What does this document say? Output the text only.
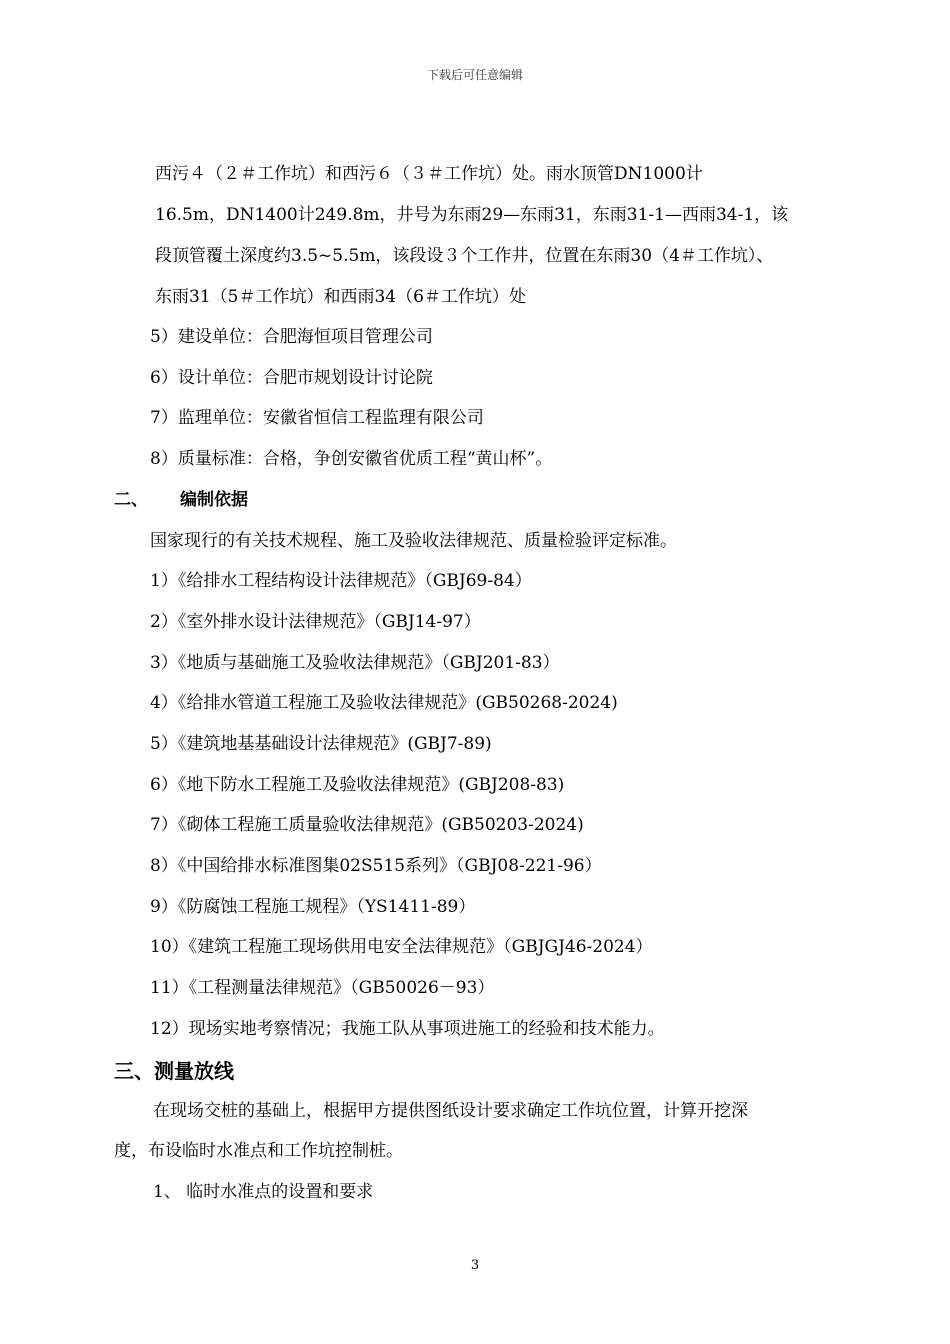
下载后可任意编辑
西污４（２＃工作坑）和西污６（３＃工作坑）处。雨水顶管DN1000计
16.5m，DN1400计249.8m，井号为东雨29—东雨31，东雨31-1—西雨34-1，该
段顶管覆土深度约3.5~5.5m，该段设３个工作井，位置在东雨30（4＃工作坑）、
东雨31（5＃工作坑）和西雨34（6＃工作坑）处
5）建设单位：合肥海恒项目管理公司
6）设计单位：合肥市规划设计讨论院
7）监理单位：安徽省恒信工程监理有限公司
8）质量标准：合格，争创安徽省优质工程“黄山杯”。
二、 编制依据
国家现行的有关技术规程、施工及验收法律规范、质量检验评定标准。
1）《给排水工程结构设计法律规范》（GBJ69-84）
2）《室外排水设计法律规范》（GBJ14-97）
3）《地质与基础施工及验收法律规范》（GBJ201-83）
4）《给排水管道工程施工及验收法律规范》(GB50268-2024)
5）《建筑地基基础设计法律规范》(GBJ7-89)
6）《地下防水工程施工及验收法律规范》(GBJ208-83)
7）《砌体工程施工质量验收法律规范》(GB50203-2024)
8）《中国给排水标准图集02S515系列》（GBJ08-221-96）
9）《防腐蚀工程施工规程》（YS1411-89）
10）《建筑工程施工现场供用电安全法律规范》（GBJGJ46-2024）
11）《工程测量法律规范》（GB50026－93）
12）现场实地考察情况；我施工队从事项进施工的经验和技术能力。
三、测量放线
在现场交桩的基础上，根据甲方提供图纸设计要求确定工作坑位置，计算开挖深
度，布设临时水准点和工作坑控制桩。
1、 临时水准点的设置和要求
3
